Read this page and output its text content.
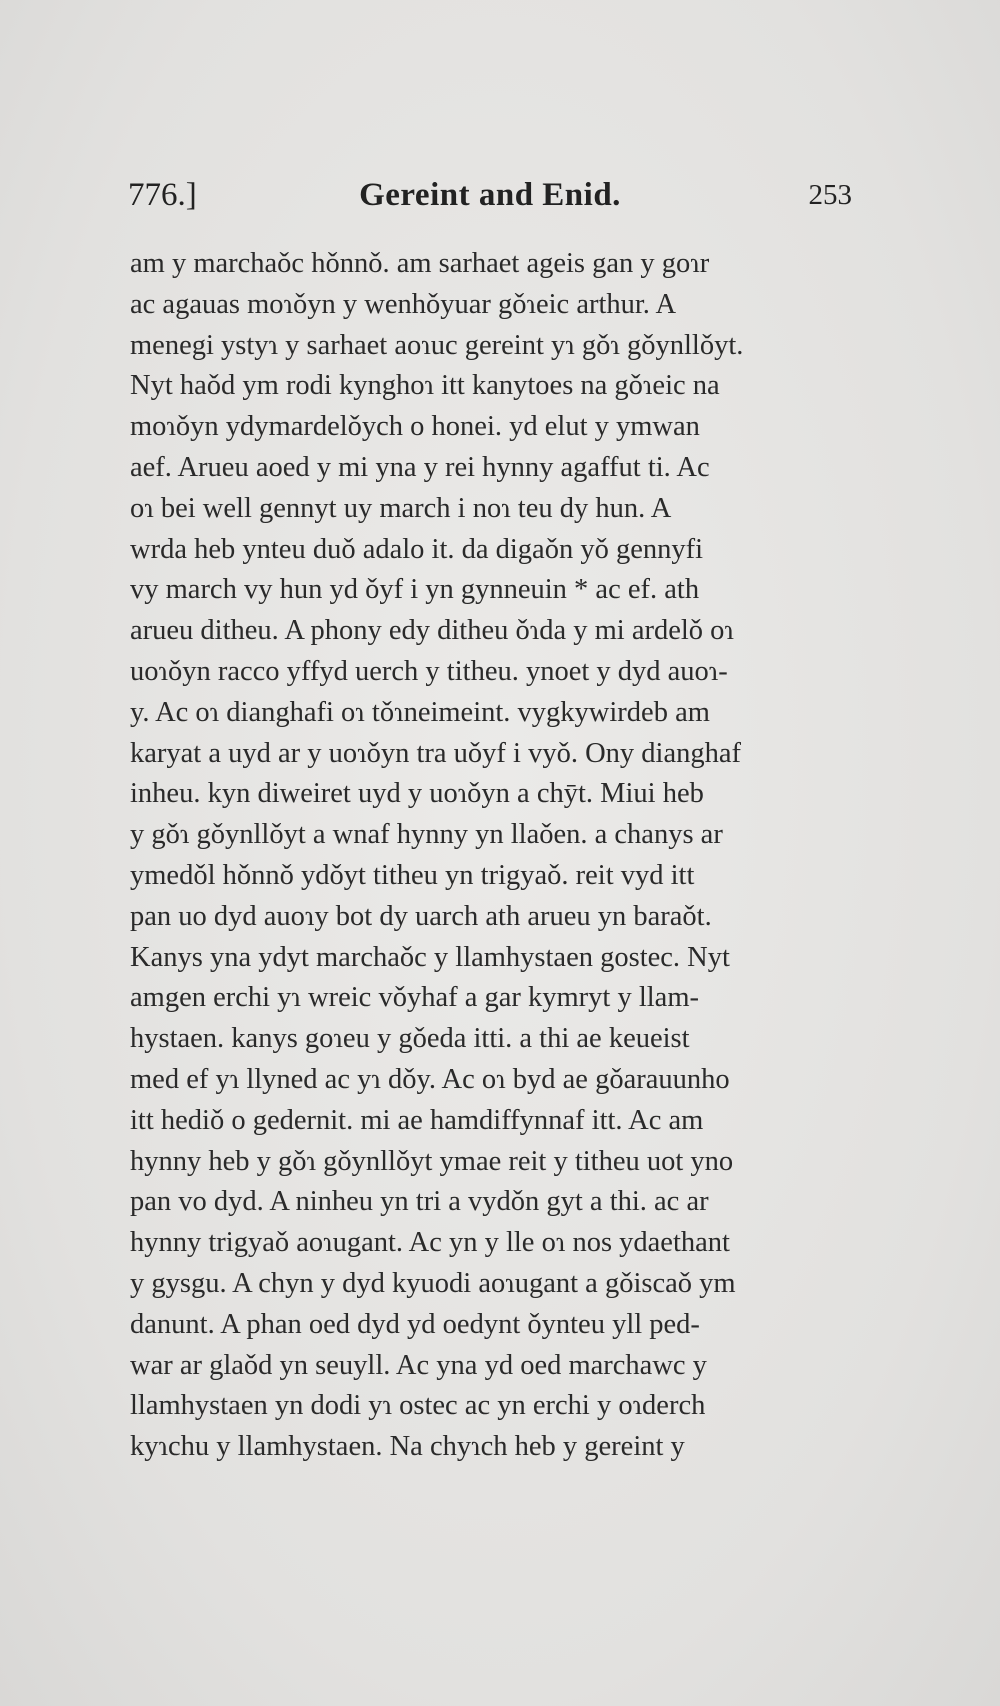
776.]	Gereint and Enid.	253
am y marchaǒc hǒnnǒ. am sarhaet ageis gan y goɿr
ac agauas moɿǒyn y wenhǒyuar gǒɿeic arthur. A
menegi ystyɿ y sarhaet aoɿuc gereint yɿ gǒɿ gǒynllǒyt.
Nyt haǒd ym rodi kynghoɿ itt kanytoes na gǒɿeic na
moɿǒyn ydymardelǒych o honei. yd elut y ymwan
aef. Arueu aoed y mi yna y rei hynny agaffut ti. Ac
oɿ bei well gennyt uy march i noɿ teu dy hun. A
wrda heb ynteu duǒ adalo it. da digaǒn yǒ gennyfi
vy march vy hun yd ǒyf i yn gynneuin * ac ef. ath
arueu ditheu. A phony edy ditheu ǒɿda y mi ardelǒ oɿ
uoɿǒyn racco yffyd uerch y titheu. ynoet y dyd auoɿ-
y. Ac oɿ dianghafi oɿ tǒɿneimeint. vygkywirdeb am
karyat a uyd ar y uoɿǒyn tra uǒyf i vyǒ. Ony dianghaf
inheu. kyn diweiret uyd y uoɿǒyn a chȳt. Miui heb
y gǒɿ gǒynllǒyt a wnaf hynny yn llaǒen. a chanys ar
ymedǒl hǒnnǒ ydǒyt titheu yn trigyaǒ. reit vyd itt
pan uo dyd auoɿy bot dy uarch ath arueu yn baraǒt.
Kanys yna ydyt marchaǒc y llamhystaen gostec. Nyt
amgen erchi yɿ wreic vǒyhaf a gar kymryt y llam-
hystaen. kanys goɿeu y gǒeda itti. a thi ae keueist
med ef yɿ llyned ac yɿ dǒy. Ac oɿ byd ae gǒarauunho
itt hediǒ o gedernit. mi ae hamdiffynnaf itt. Ac am
hynny heb y gǒɿ gǒynllǒyt ymae reit y titheu uot yno
pan vo dyd. A ninheu yn tri a vydǒn gyt a thi. ac ar
hynny trigyaǒ aoɿugant. Ac yn y lle oɿ nos ydaethant
y gysgu. A chyn y dyd kyuodi aoɿugant a gǒiscaǒ ym
danunt. A phan oed dyd yd oedynt ǒynteu yll ped-
war ar glaǒd yn seuyll. Ac yna yd oed marchawc y
llamhystaen yn dodi yɿ ostec ac yn erchi y oɿderch
kyɿchu y llamhystaen. Na chyɿch heb y gereint y
